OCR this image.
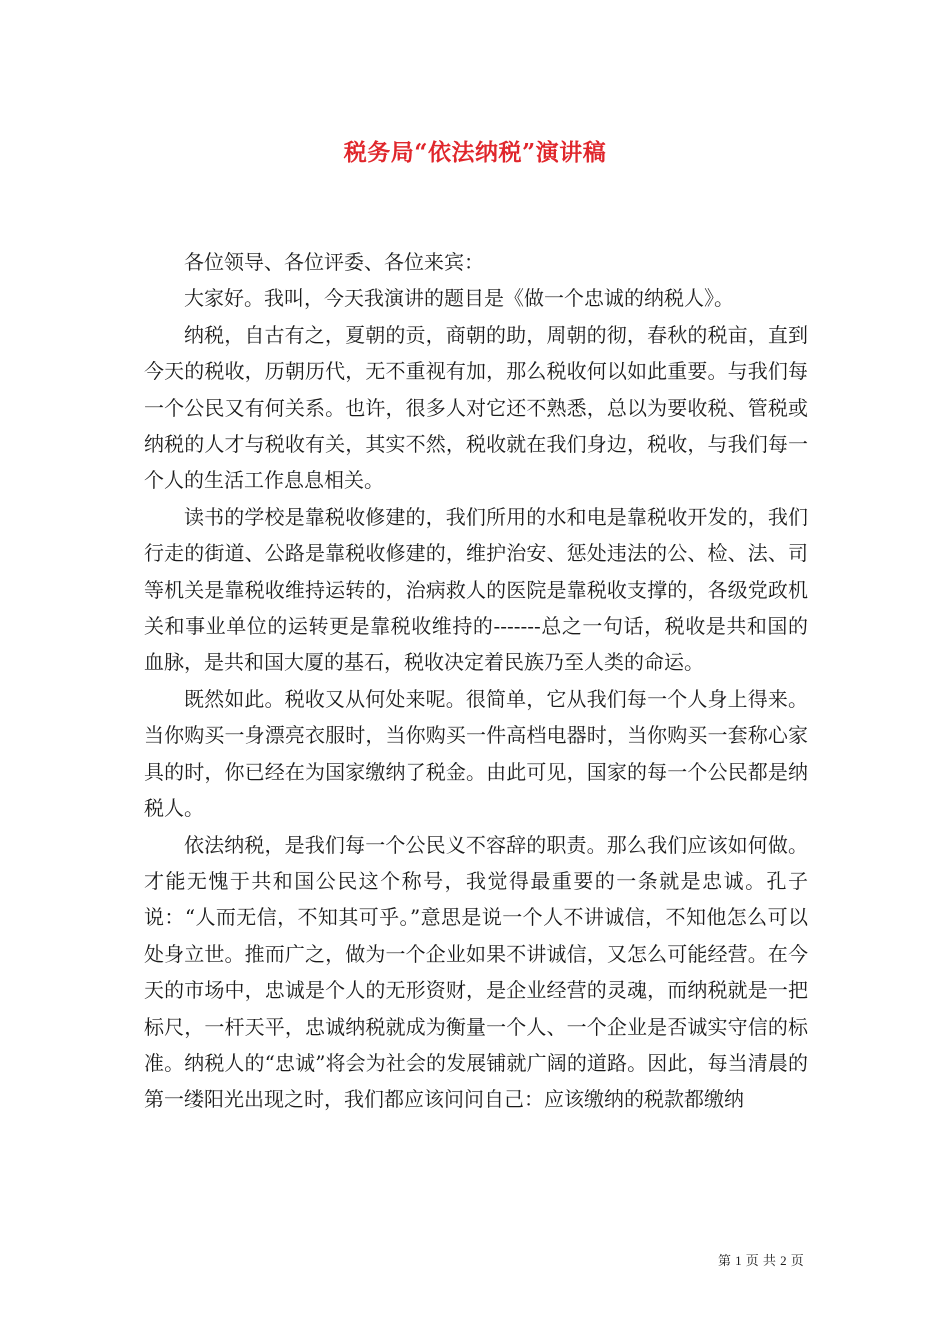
税务局“依法纳税”演讲稿

各位领导、各位评委、各位来宾：

大家好。我叫，今天我演讲的题目是《做一个忠诚的纳税人》。

纳税，自古有之，夏朝的贡，商朝的助，周朝的彻，春秋的税亩，直到今天的税收，历朝历代，无不重视有加，那么税收何以如此重要。与我们每一个公民又有何关系。也许，很多人对它还不熟悉，总以为要收税、管税或纳税的人才与税收有关，其实不然，税收就在我们身边，税收，与我们每一个人的生活工作息息相关。

读书的学校是靠税收修建的，我们所用的水和电是靠税收开发的，我们行走的街道、公路是靠税收修建的，维护治安、惩处违法的公、检、法、司等机关是靠税收维持运转的，治病救人的医院是靠税收支撑的，各级党政机关和事业单位的运转更是靠税收维持的-------总之一句话，税收是共和国的血脉，是共和国大厦的基石，税收决定着民族乃至人类的命运。

既然如此。税收又从何处来呢。很简单，它从我们每一个人身上得来。当你购买一身漂亮衣服时，当你购买一件高档电器时，当你购买一套称心家具的时，你已经在为国家缴纳了税金。由此可见，国家的每一个公民都是纳税人。

依法纳税，是我们每一个公民义不容辞的职责。那么我们应该如何做。才能无愧于共和国公民这个称号，我觉得最重要的一条就是忠诚。孔子说：“人而无信，不知其可乎。”意思是说一个人不讲诚信，不知他怎么可以处身立世。推而广之，做为一个企业如果不讲诚信，又怎么可能经营。在今天的市场中，忠诚是个人的无形资财，是企业经营的灵魂，而纳税就是一把标尺，一杆天平，忠诚纳税就成为衡量一个人、一个企业是否诚实守信的标准。纳税人的“忠诚”将会为社会的发展铺就广阔的道路。因此，每当清晨的第一缕阳光出现之时，我们都应该问问自己：应该缴纳的税款都缴纳

第 1 页 共 2 页
